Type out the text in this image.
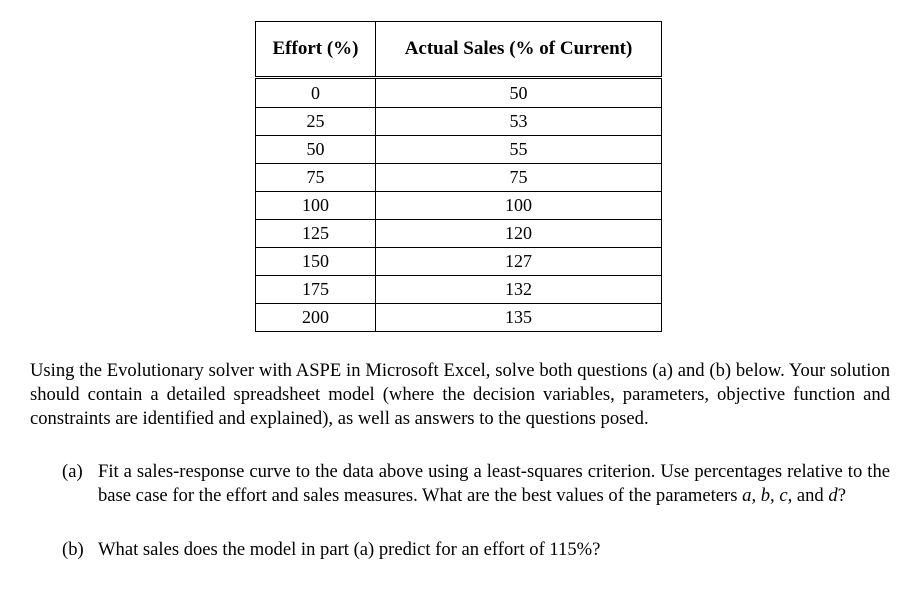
Effort (%)	Actual Sales (% of Current)
0	50
25	53
50	55
75	75
100	100
125	120
150	127
175	132
200	135

Using the Evolutionary solver with ASPE in Microsoft Excel, solve both questions (a) and (b) below. Your solution should contain a detailed spreadsheet model (where the decision variables, parameters, objective function and constraints are identified and explained), as well as answers to the questions posed.

(a) Fit a sales-response curve to the data above using a least-squares criterion. Use percentages relative to the base case for the effort and sales measures. What are the best values of the parameters a, b, c, and d?
(b) What sales does the model in part (a) predict for an effort of 115%?
